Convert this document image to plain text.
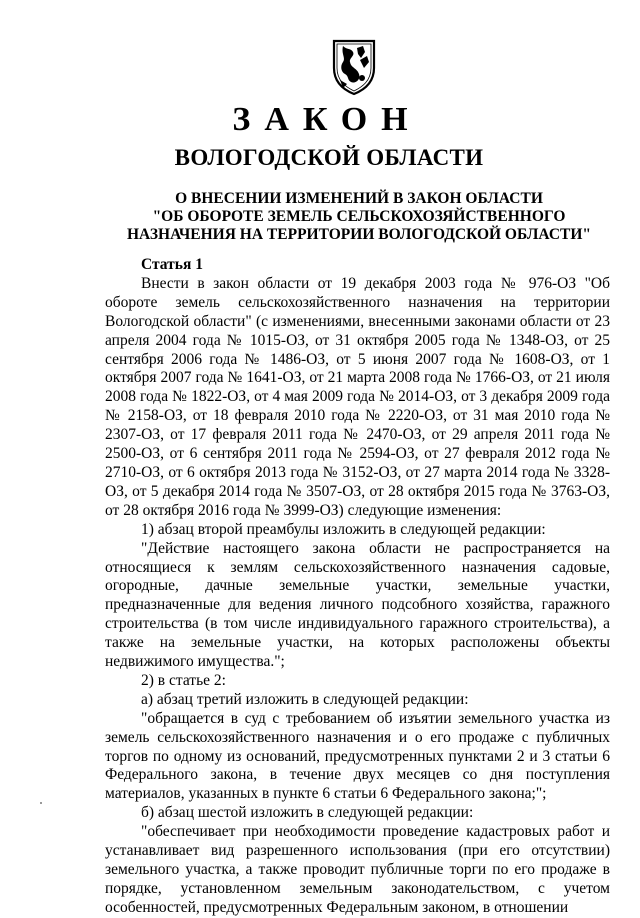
ЗАКОН
ВОЛОГОДСКОЙ ОБЛАСТИ
О ВНЕСЕНИИ ИЗМЕНЕНИЙ В ЗАКОН ОБЛАСТИ
"ОБ ОБОРОТЕ ЗЕМЕЛЬ СЕЛЬСКОХОЗЯЙСТВЕННОГО
НАЗНАЧЕНИЯ НА ТЕРРИТОРИИ ВОЛОГОДСКОЙ ОБЛАСТИ"

Статья 1

Внести в закон области от 19 декабря 2003 года № 976-ОЗ "Об обороте земель сельскохозяйственного назначения на территории Вологодской области" (с изменениями, внесенными законами области от 23 апреля 2004 года № 1015-ОЗ, от 31 октября 2005 года № 1348-ОЗ, от 25 сентября 2006 года № 1486-ОЗ, от 5 июня 2007 года № 1608-ОЗ, от 1 октября 2007 года № 1641-ОЗ, от 21 марта 2008 года № 1766-ОЗ, от 21 июля 2008 года № 1822-ОЗ, от 4 мая 2009 года № 2014-ОЗ, от 3 декабря 2009 года № 2158-ОЗ, от 18 февраля 2010 года № 2220-ОЗ, от 31 мая 2010 года № 2307-ОЗ, от 17 февраля 2011 года № 2470-ОЗ, от 29 апреля 2011 года № 2500-ОЗ, от 6 сентября 2011 года № 2594-ОЗ, от 27 февраля 2012 года № 2710-ОЗ, от 6 октября 2013 года № 3152-ОЗ, от 27 марта 2014 года № 3328-ОЗ, от 5 декабря 2014 года № 3507-ОЗ, от 28 октября 2015 года № 3763-ОЗ, от 28 октября 2016 года № 3999-ОЗ) следующие изменения:

1) абзац второй преамбулы изложить в следующей редакции:

"Действие настоящего закона области не распространяется на относящиеся к землям сельскохозяйственного назначения садовые, огородные, дачные земельные участки, земельные участки, предназначенные для ведения личного подсобного хозяйства, гаражного строительства (в том числе индивидуального гаражного строительства), а также на земельные участки, на которых расположены объекты недвижимого имущества.";

2) в статье 2:

а) абзац третий изложить в следующей редакции:

"обращается в суд с требованием об изъятии земельного участка из земель сельскохозяйственного назначения и о его продаже с публичных торгов по одному из оснований, предусмотренных пунктами 2 и 3 статьи 6 Федерального закона, в течение двух месяцев со дня поступления материалов, указанных в пункте 6 статьи 6 Федерального закона;";

б) абзац шестой изложить в следующей редакции:

"обеспечивает при необходимости проведение кадастровых работ и устанавливает вид разрешенного использования (при его отсутствии) земельного участка, а также проводит публичные торги по его продаже в порядке, установленном земельным законодательством, с учетом особенностей, предусмотренных Федеральным законом, в отношении
